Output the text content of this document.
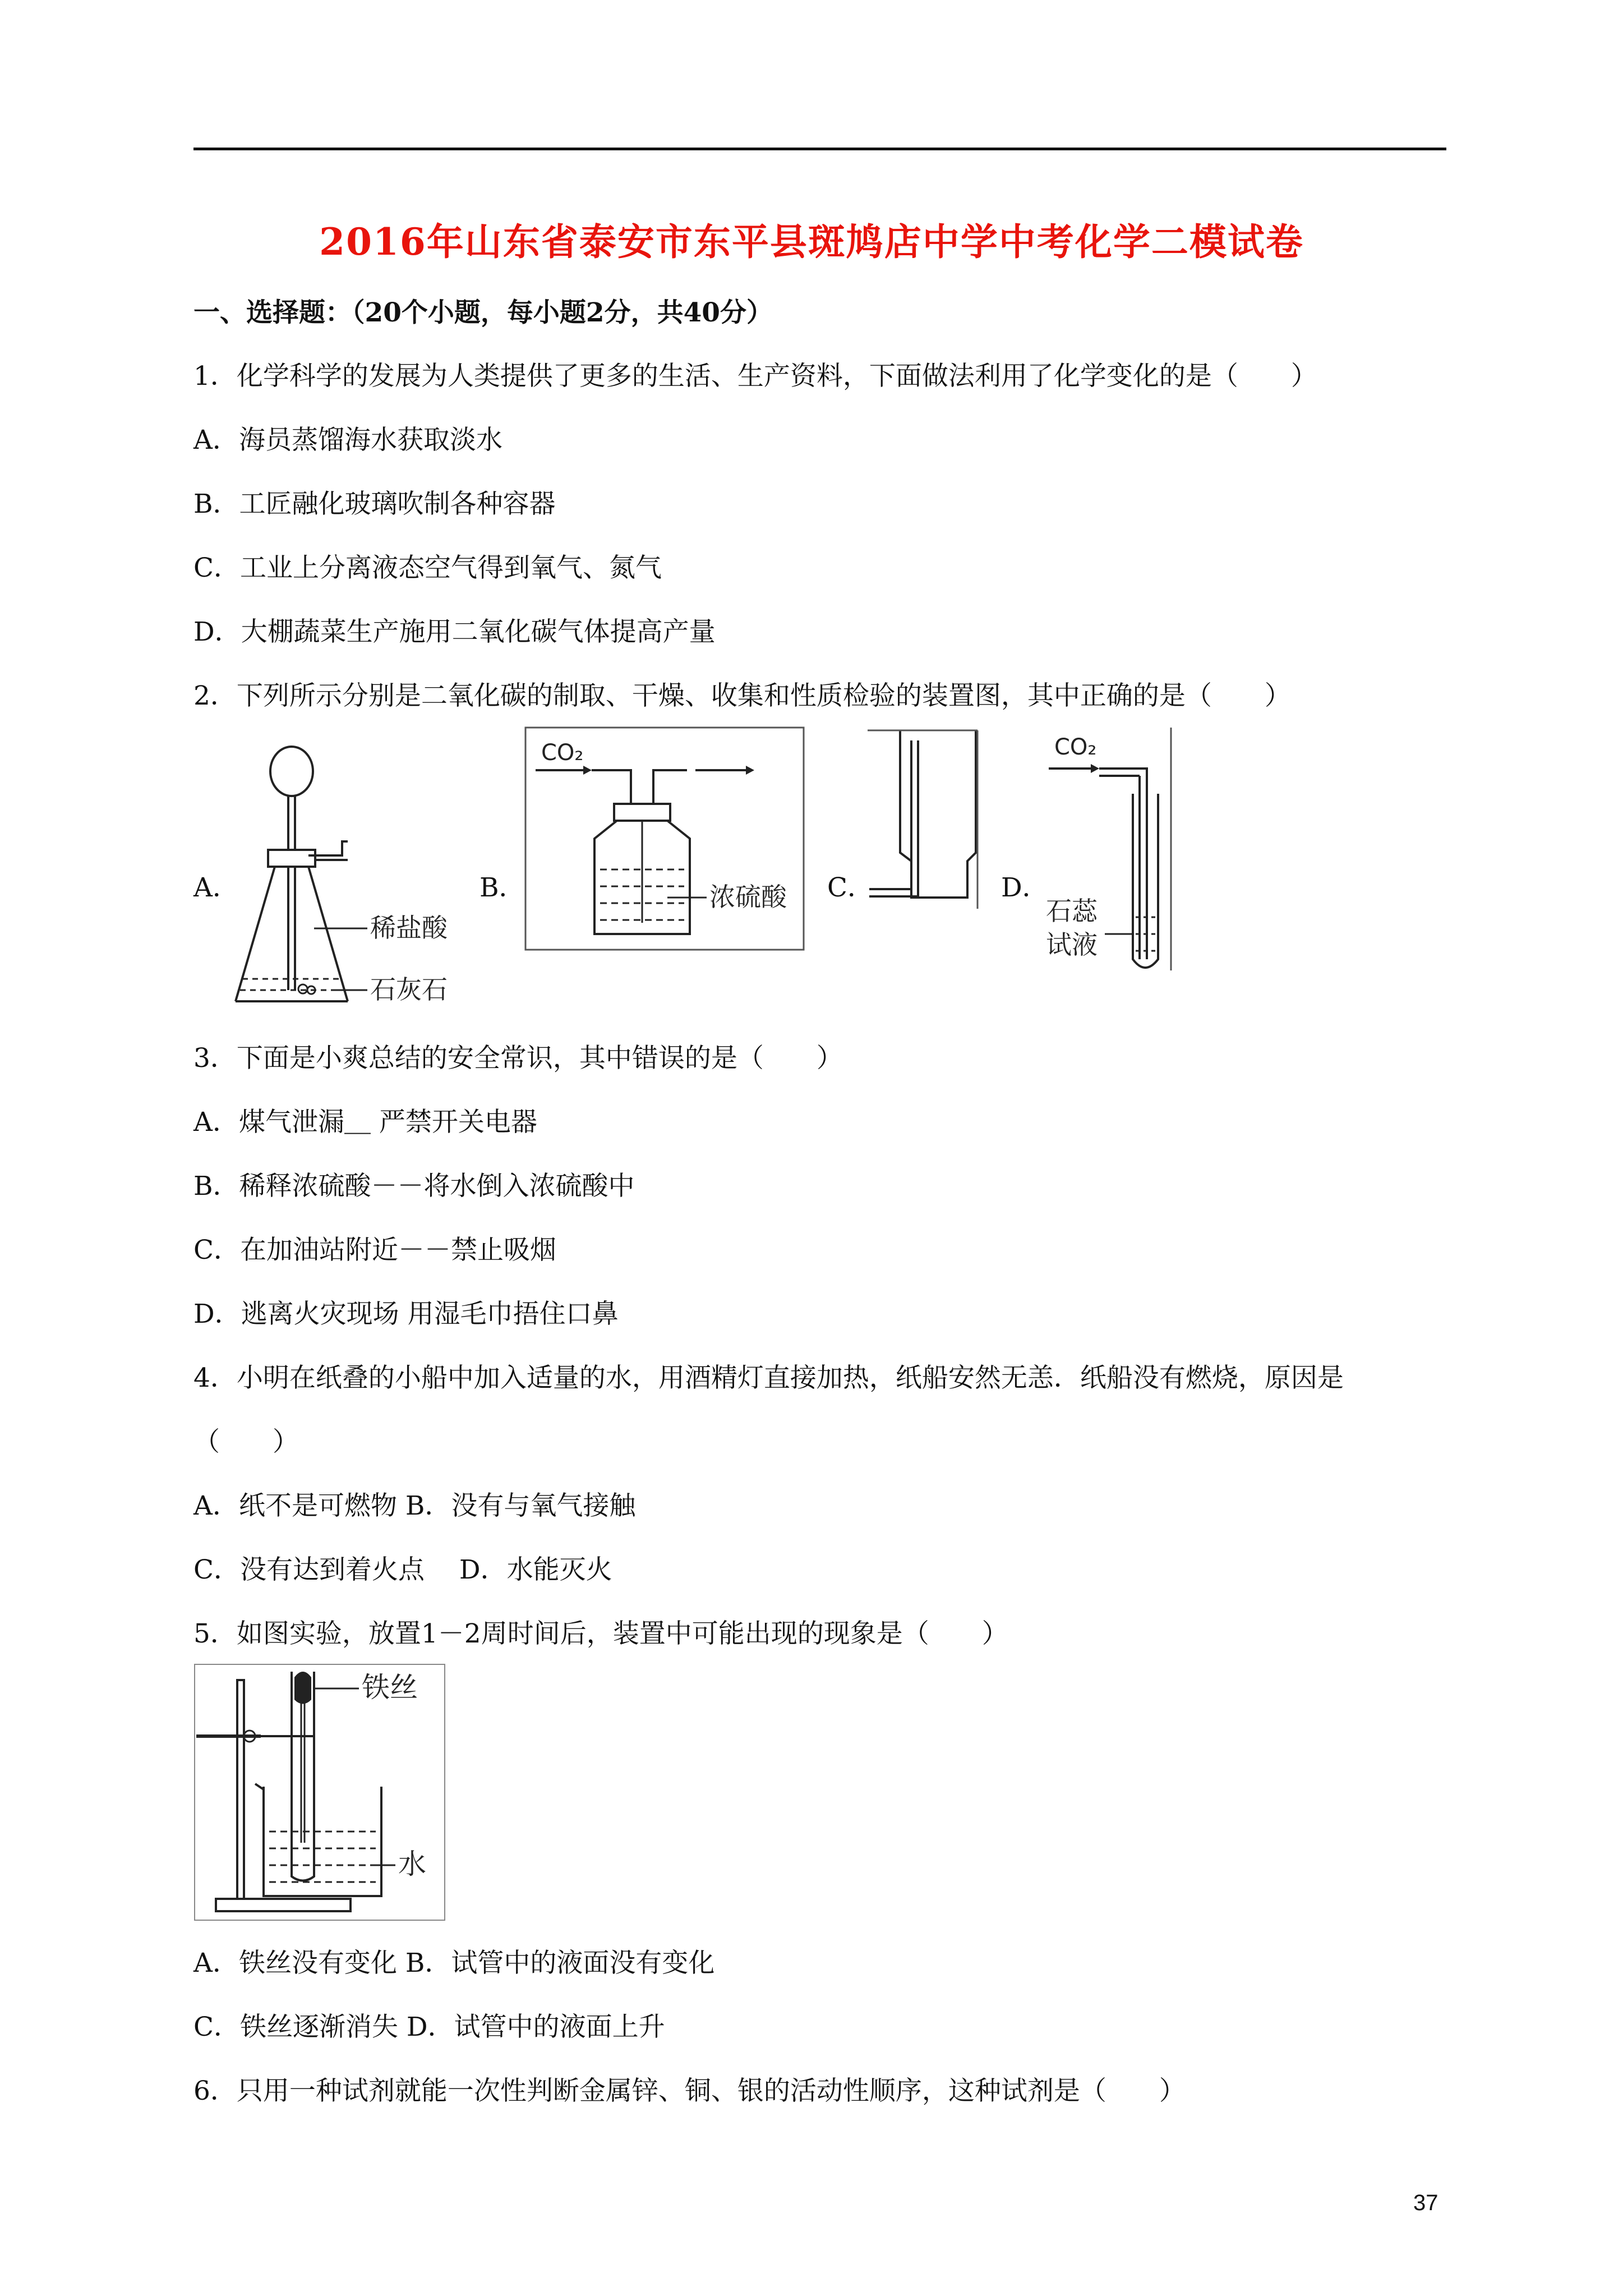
2016年山东省泰安市东平县斑鸠店中学中考化学二模试卷
一、选择题：（20个小题，每小题2分，共40分）
1．化学科学的发展为人类提供了更多的生活、生产资料，下面做法利用了化学变化的是（　　）
A．海员蒸馏海水获取淡水
B．工匠融化玻璃吹制各种容器
C．工业上分离液态空气得到氧气、氮气
D．大棚蔬菜生产施用二氧化碳气体提高产量
2．下列所示分别是二氧化碳的制取、干燥、收集和性质检验的装置图，其中正确的是（　　）
A．	B．	C．	D．
稀盐酸
石灰石
CO₂
浓硫酸
CO₂
石蕊
试液
3．下面是小爽总结的安全常识，其中错误的是（　　）
A．煤气泄漏＿ 严禁开关电器
B．稀释浓硫酸－－将水倒入浓硫酸中
C．在加油站附近－－禁止吸烟
D．逃离火灾现场 用湿毛巾捂住口鼻
4．小明在纸叠的小船中加入适量的水，用酒精灯直接加热，纸船安然无恙．纸船没有燃烧，原因是
（　　）
A．纸不是可燃物 B．没有与氧气接触
C．没有达到着火点　 D．水能灭火
5．如图实验，放置1－2周时间后，装置中可能出现的现象是（　　）
铁丝
水
A．铁丝没有变化 B．试管中的液面没有变化
C．铁丝逐渐消失 D．试管中的液面上升
6．只用一种试剂就能一次性判断金属锌、铜、银的活动性顺序，这种试剂是（　　）
37
